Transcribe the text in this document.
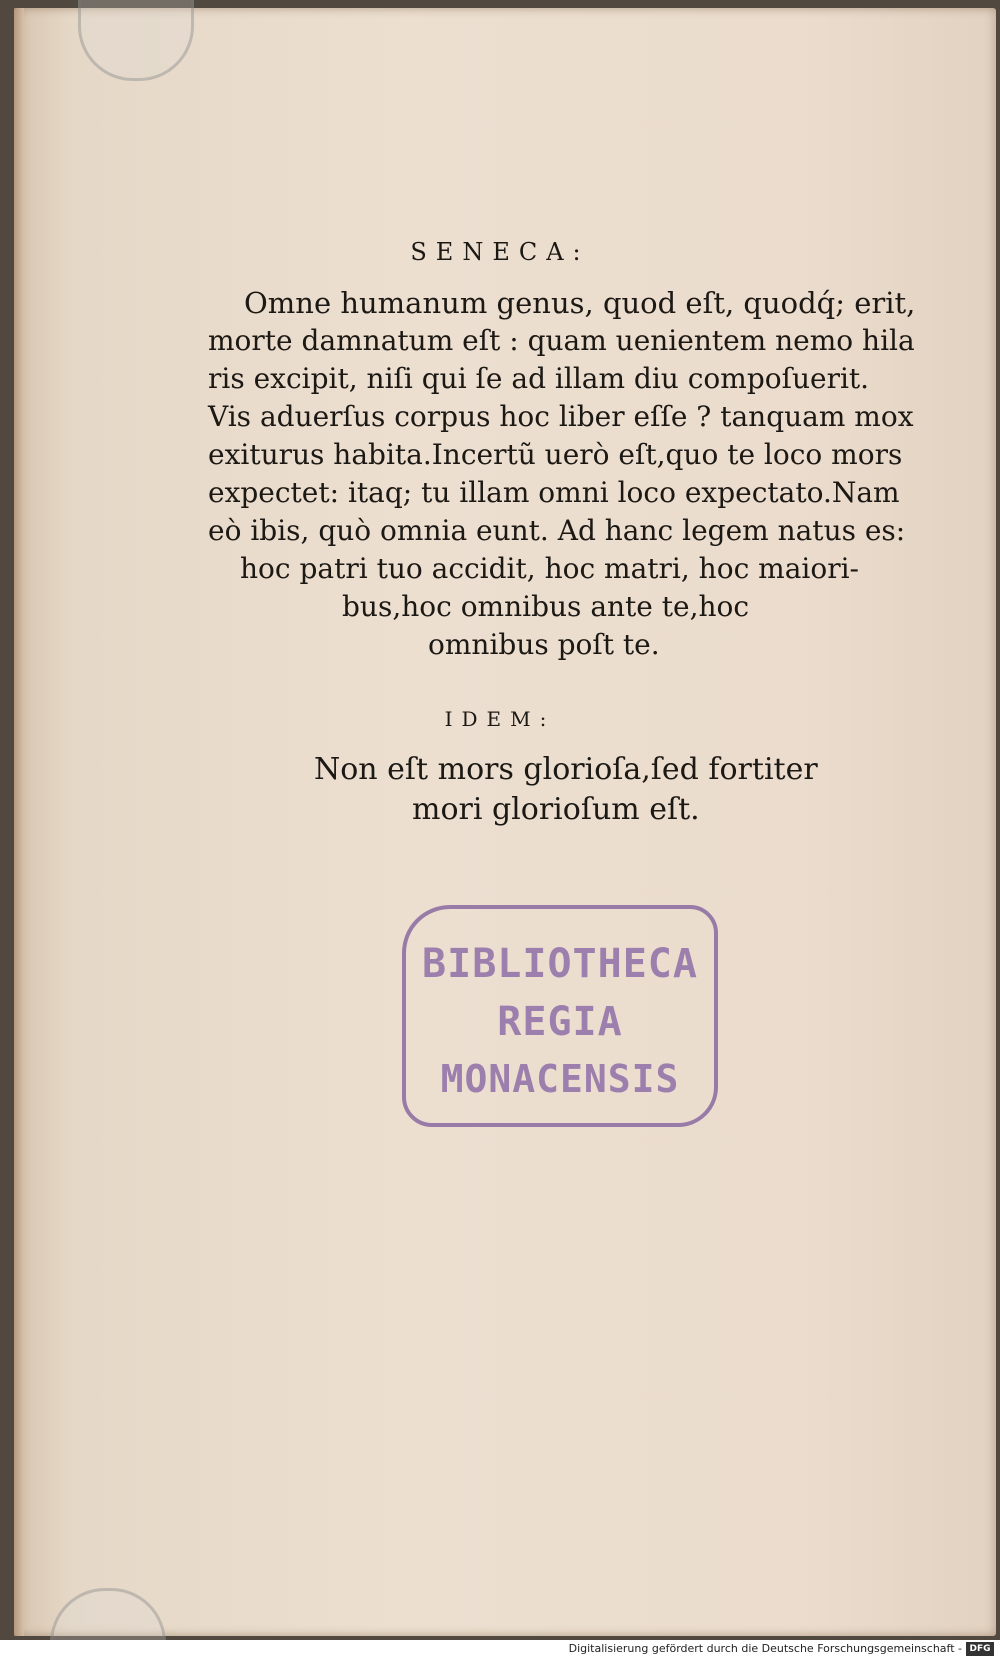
SENECA:
Omne humanum genus, quod eſt, quodq́; erit,
morte damnatum eſt : quam uenientem nemo hila
ris excipit, niſi qui ſe ad illam diu compoſuerit.
Vis aduerſus corpus hoc liber eſſe ? tanquam mox
exiturus habita.Incertũ uerò eſt,quo te loco mors
expectet: itaq; tu illam omni loco expectato.Nam
eò ibis, quò omnia eunt. Ad hanc legem natus es:
hoc patri tuo accidit, hoc matri, hoc maiori-
bus,hoc omnibus ante te,hoc
omnibus poſt te.
IDEM:
Non eſt mors glorioſa,ſed fortiter
mori glorioſum eſt.
BIBLIOTHECA
REGIA
MONACENSIS
Digitalisierung gefördert durch die Deutsche Forschungsgemeinschaft - DFG
